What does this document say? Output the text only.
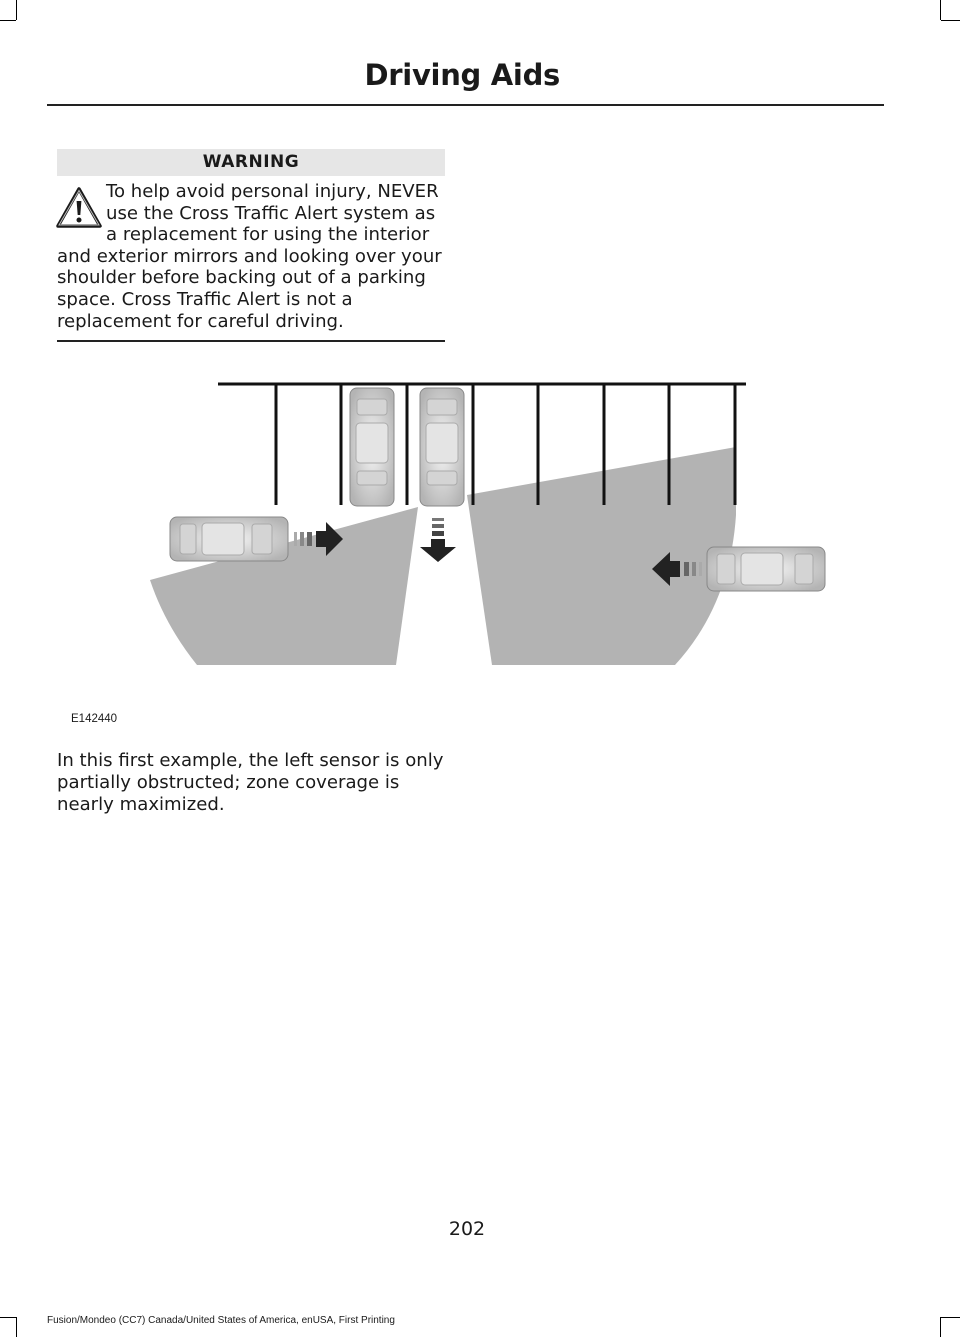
Driving Aids
WARNING
To help avoid personal injury, NEVER use the Cross Traffic Alert system as a replacement for using the interior and exterior mirrors and looking over your shoulder before backing out of a parking space. Cross Traffic Alert is not a replacement for careful driving.
E142440
In this first example, the left sensor is only partially obstructed; zone coverage is nearly maximized.
202
Fusion/Mondeo (CC7) Canada/United States of America, enUSA, First Printing
